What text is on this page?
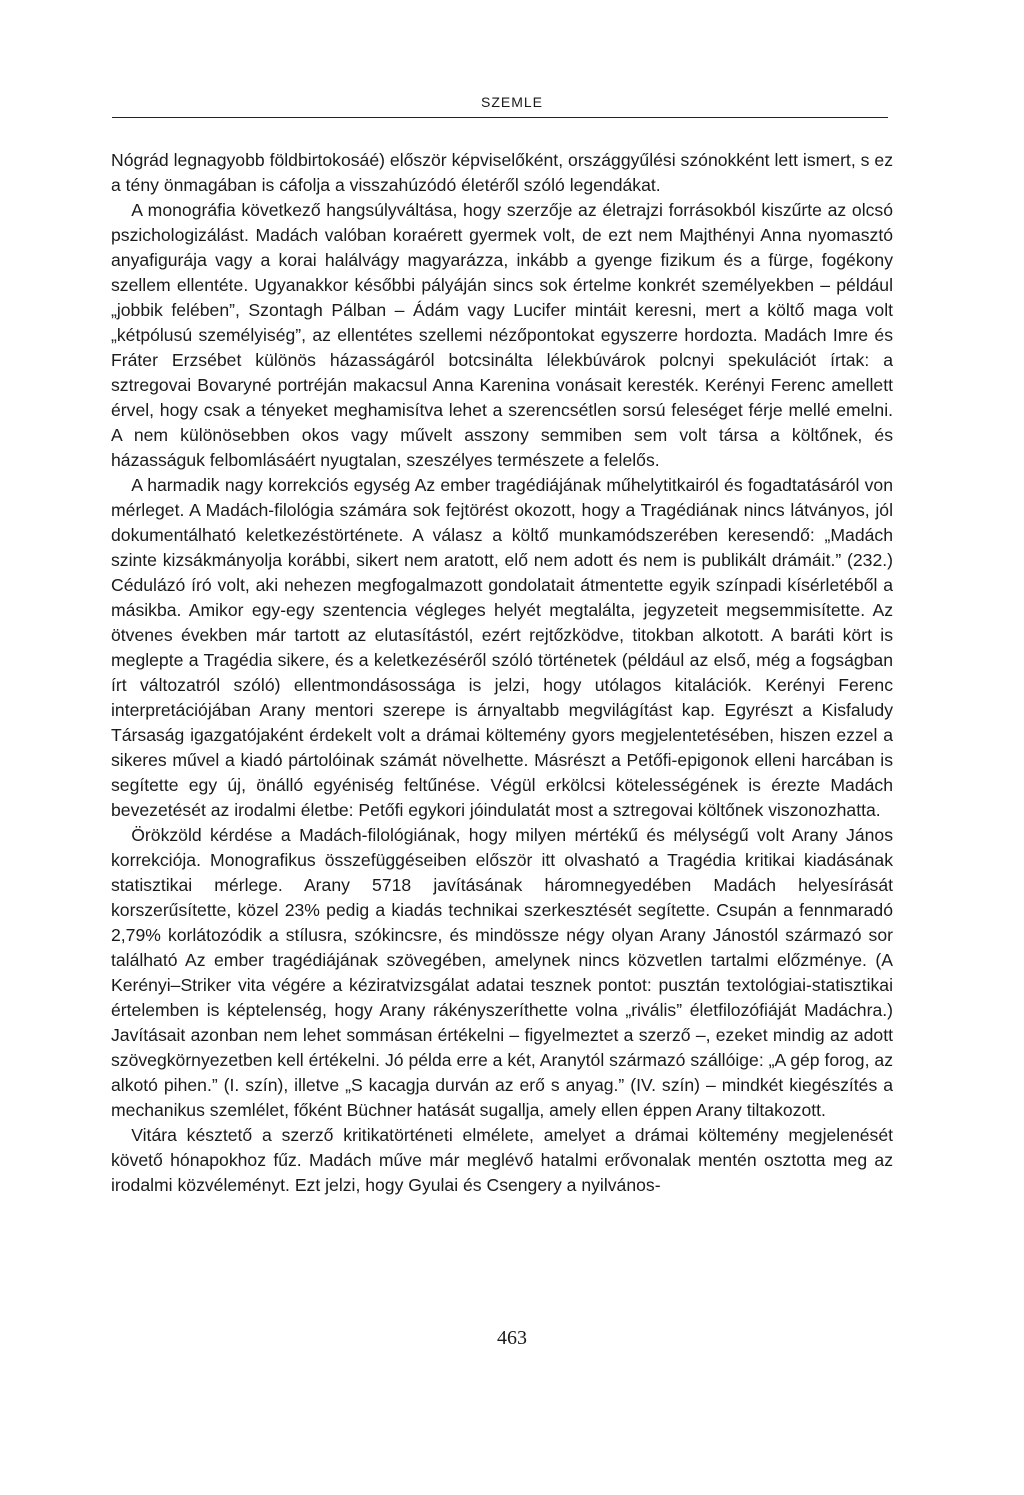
SZEMLE

Nógrád legnagyobb földbirtokosáé) először képviselőként, országgyűlési szónokként lett ismert, s ez a tény önmagában is cáfolja a visszahúzódó életéről szóló legendákat.

A monográfia következő hangsúlyváltása, hogy szerzője az életrajzi forrásokból kiszűrte az olcsó pszichologizálást. Madách valóban koraérett gyermek volt, de ezt nem Majthényi Anna nyomasztó anyafigurája vagy a korai halálvágy magyarázza, inkább a gyenge fizikum és a fürge, fogékony szellem ellentéte. Ugyanakkor későbbi pályáján sincs sok értelme konkrét személyekben – például „jobbik felében”, Szontagh Pálban – Ádám vagy Lucifer mintáit keresni, mert a költő maga volt „kétpólusú személyiség”, az ellentétes szellemi nézőpontokat egyszerre hordozta. Madách Imre és Fráter Erzsébet különös házasságáról botcsinálta lélekbúvárok polcnyi spekulációt írtak: a sztregovai Bovaryné portréján makacsul Anna Karenina vonásait keresték. Kerényi Ferenc amellett érvel, hogy csak a tényeket meghamisítva lehet a szerencsétlen sorsú feleséget férje mellé emelni. A nem különösebben okos vagy művelt asszony semmiben sem volt társa a költőnek, és házasságuk felbomlásáért nyugtalan, szeszélyes természete a felelős.

A harmadik nagy korrekciós egység Az ember tragédiájának műhelytitkairól és fogadtatásáról von mérleget. A Madách-filológia számára sok fejtörést okozott, hogy a Tragédiának nincs látványos, jól dokumentálható keletkezéstörténete. A válasz a költő munkamódszerében keresendő: „Madách szinte kizsákmányolja korábbi, sikert nem aratott, elő nem adott és nem is publikált drámáit.” (232.) Cédulázó író volt, aki nehezen megfogalmazott gondolatait átmentette egyik színpadi kísérletéből a másikba. Amikor egy-egy szentencia végleges helyét megtalálta, jegyzeteit megsemmisítette. Az ötvenes években már tartott az elutasítástól, ezért rejtőzködve, titokban alkotott. A baráti kört is meglepte a Tragédia sikere, és a keletkezéséről szóló történetek (például az első, még a fogságban írt változatról szóló) ellentmondásossága is jelzi, hogy utólagos kitalációk. Kerényi Ferenc interpretációjában Arany mentori szerepe is árnyaltabb megvilágítást kap. Egyrészt a Kisfaludy Társaság igazgatójaként érdekelt volt a drámai költemény gyors megjelentetésében, hiszen ezzel a sikeres művel a kiadó pártolóinak számát növelhette. Másrészt a Petőfi-epigonok elleni harcában is segítette egy új, önálló egyéniség feltűnése. Végül erkölcsi kötelességének is érezte Madách bevezetését az irodalmi életbe: Petőfi egykori jóindulatát most a sztregovai költőnek viszonozhatta.

Örökzöld kérdése a Madách-filológiának, hogy milyen mértékű és mélységű volt Arany János korrekciója. Monografikus összefüggéseiben először itt olvasható a Tragédia kritikai kiadásának statisztikai mérlege. Arany 5718 javításának háromnegyedében Madách helyesírását korszerűsítette, közel 23% pedig a kiadás technikai szerkesztését segítette. Csupán a fennmaradó 2,79% korlátozódik a stílusra, szókincsre, és mindössze négy olyan Arany Jánostól származó sor található Az ember tragédiájának szövegében, amelynek nincs közvetlen tartalmi előzménye. (A Kerényi–Striker vita végére a kéziratvizsgálat adatai tesznek pontot: pusztán textológiai-statisztikai értelemben is képtelenség, hogy Arany rákényszeríthette volna „rivális” életfilozófiáját Madáchra.) Javításait azonban nem lehet sommásan értékelni – figyelmeztet a szerző –, ezeket mindig az adott szövegkörnyezetben kell értékelni. Jó példa erre a két, Aranytól származó szállóige: „A gép forog, az alkotó pihen.” (I. szín), illetve „S kacagja durván az erő s anyag.” (IV. szín) – mindkét kiegészítés a mechanikus szemlélet, főként Büchner hatását sugallja, amely ellen éppen Arany tiltakozott.

Vitára késztető a szerző kritikatörténeti elmélete, amelyet a drámai költemény megjelenését követő hónapokhoz fűz. Madách műve már meglévő hatalmi erővonalak mentén osztotta meg az irodalmi közvéleményt. Ezt jelzi, hogy Gyulai és Csengery a nyilvános-

463
